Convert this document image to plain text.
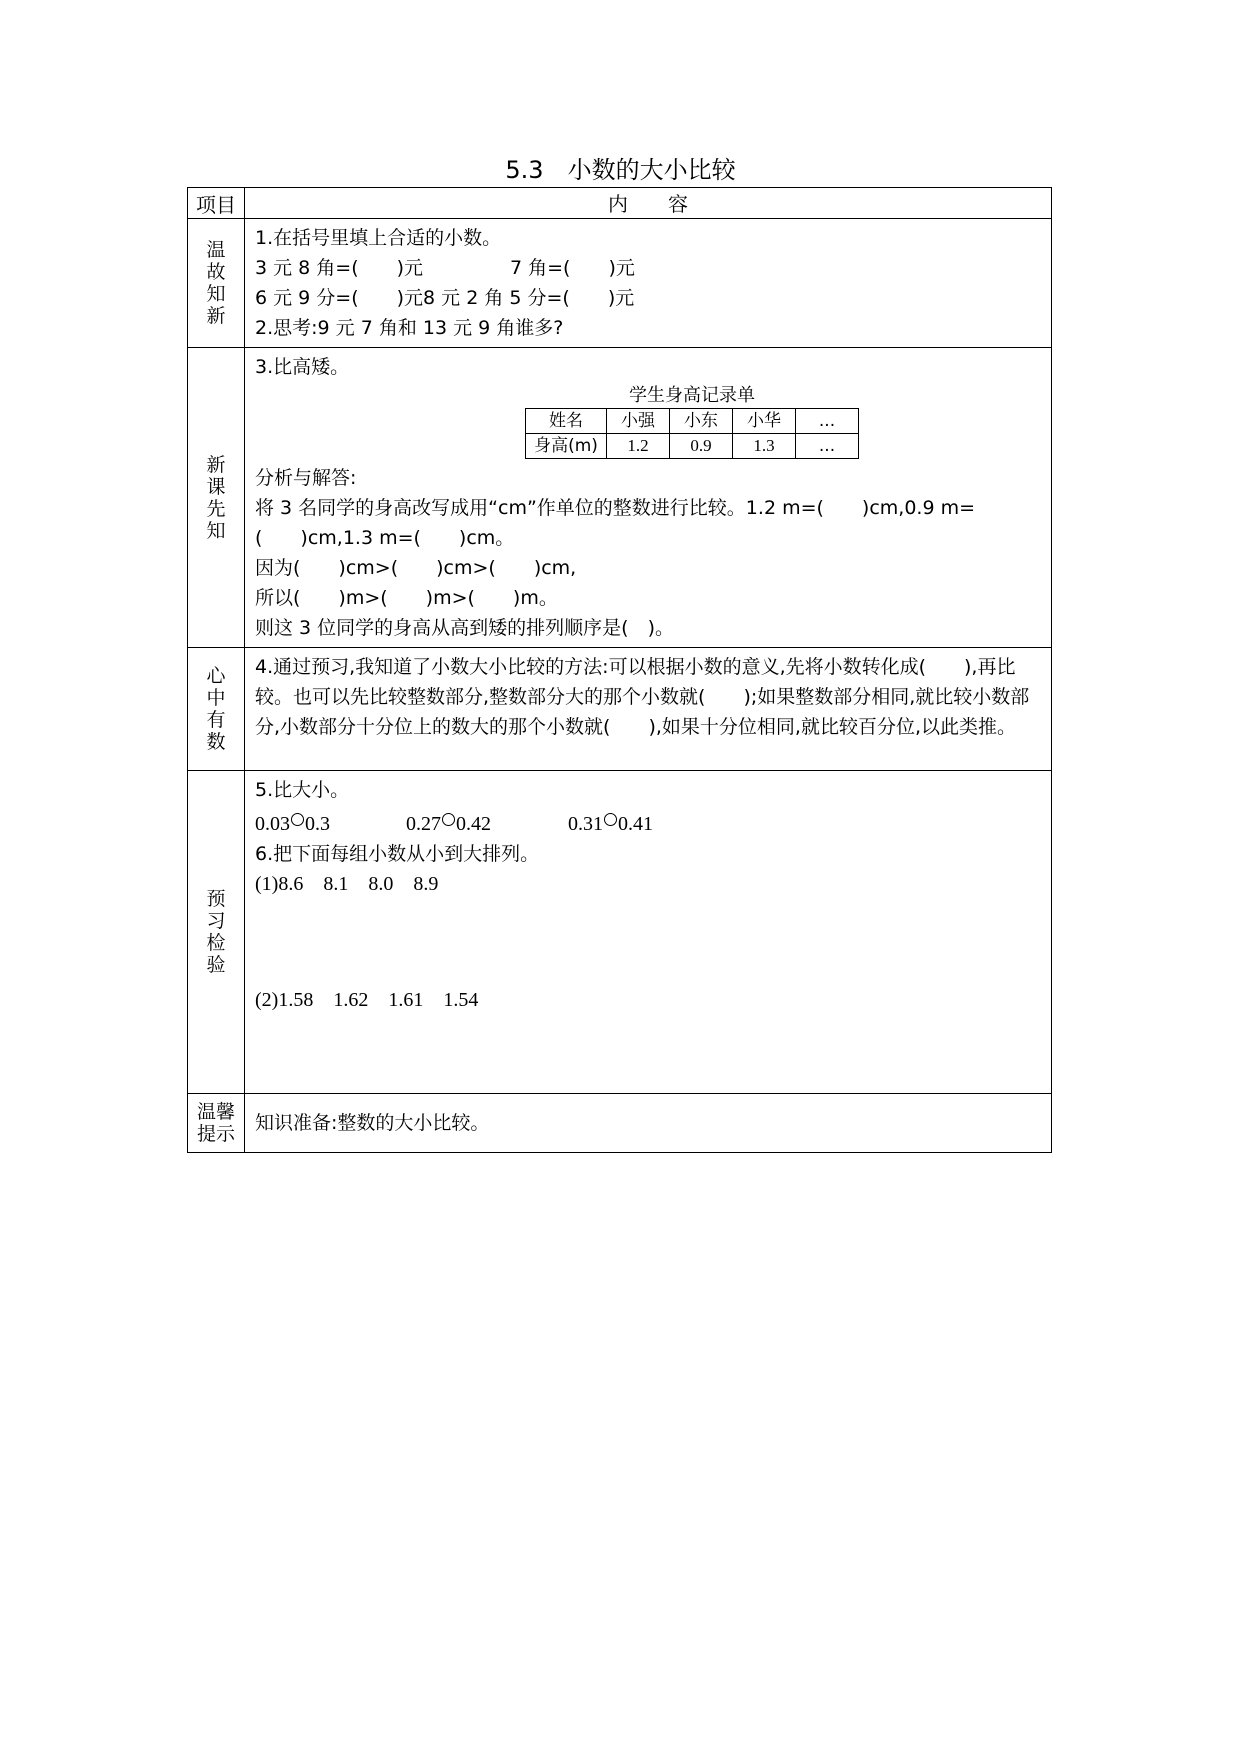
5.3　小数的大小比较
项目	内　　容
温故知新	
1.在括号里填上合适的小数。
3 元 8 角=(　　)元	7 角=(　　)元
6 元 9 分=(　　)元8 元 2 角 5 分=(　　)元
2.思考:9 元 7 角和 13 元 9 角谁多?

新课先知	
3.比高矮。
学生身高记录单
姓名	小强	小东	小华	...
身高(m)	1.2	0.9	1.3	...
分析与解答:
将 3 名同学的身高改写成用“cm”作单位的整数进行比较。1.2 m=(　　)cm,0.9 m=(　　)cm,1.3 m=(　　)cm。
因为(　　)cm>(　　)cm>(　　)cm,
所以(　　)m>(　　)m>(　　)m。
则这 3 位同学的身高从高到矮的排列顺序是(　)。

心中有数	
4.通过预习,我知道了小数大小比较的方法:可以根据小数的意义,先将小数转化成(　　),再比较。也可以先比较整数部分,整数部分大的那个小数就(　　);如果整数部分相同,就比较小数部分,小数部分十分位上的数大的那个小数就(　　),如果十分位相同,就比较百分位,以此类推。

预习检验	
5.比大小。
0.03 0.3	0.27 0.42	0.31 0.41
6.把下面每组小数从小到大排列。
(1)8.6　8.1　8.0　8.9
(2)1.58　1.62　1.61　1.54

温馨提示	知识准备:整数的大小比较。
